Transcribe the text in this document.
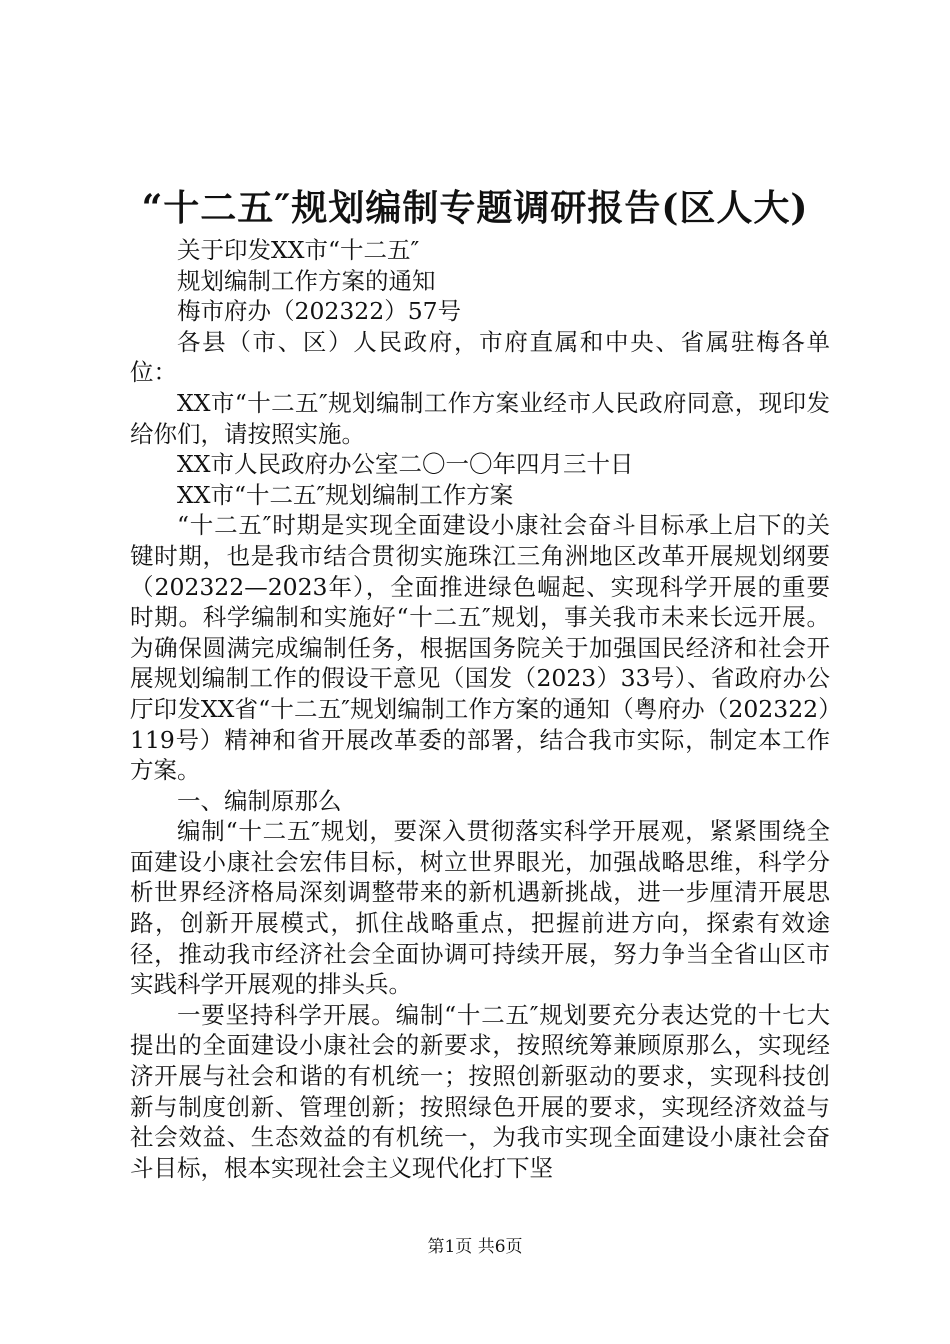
“十二五″规划编制专题调研报告(区人大)

关于印发XX市“十二五″

规划编制工作方案的通知

梅市府办（202322）57号

各县（市、区）人民政府，市府直属和中央、省属驻梅各单位：

XX市“十二五″规划编制工作方案业经市人民政府同意，现印发给你们，请按照实施。

XX市人民政府办公室二〇一〇年四月三十日

XX市“十二五″规划编制工作方案

“十二五″时期是实现全面建设小康社会奋斗目标承上启下的关键时期，也是我市结合贯彻实施珠江三角洲地区改革开展规划纲要（202322—2023年），全面推进绿色崛起、实现科学开展的重要时期。科学编制和实施好“十二五″规划，事关我市未来长远开展。为确保圆满完成编制任务，根据国务院关于加强国民经济和社会开展规划编制工作的假设干意见（国发（2023）33号）、省政府办公厅印发XX省“十二五″规划编制工作方案的通知（粤府办（202322）119号）精神和省开展改革委的部署，结合我市实际，制定本工作方案。

一、编制原那么

编制“十二五″规划，要深入贯彻落实科学开展观，紧紧围绕全面建设小康社会宏伟目标，树立世界眼光，加强战略思维，科学分析世界经济格局深刻调整带来的新机遇新挑战，进一步厘清开展思路，创新开展模式，抓住战略重点，把握前进方向，探索有效途径，推动我市经济社会全面协调可持续开展，努力争当全省山区市实践科学开展观的排头兵。

一要坚持科学开展。编制“十二五″规划要充分表达党的十七大提出的全面建设小康社会的新要求，按照统筹兼顾原那么，实现经济开展与社会和谐的有机统一；按照创新驱动的要求，实现科技创新与制度创新、管理创新；按照绿色开展的要求，实现经济效益与社会效益、生态效益的有机统一，为我市实现全面建设小康社会奋斗目标，根本实现社会主义现代化打下坚

第1页 共6页
